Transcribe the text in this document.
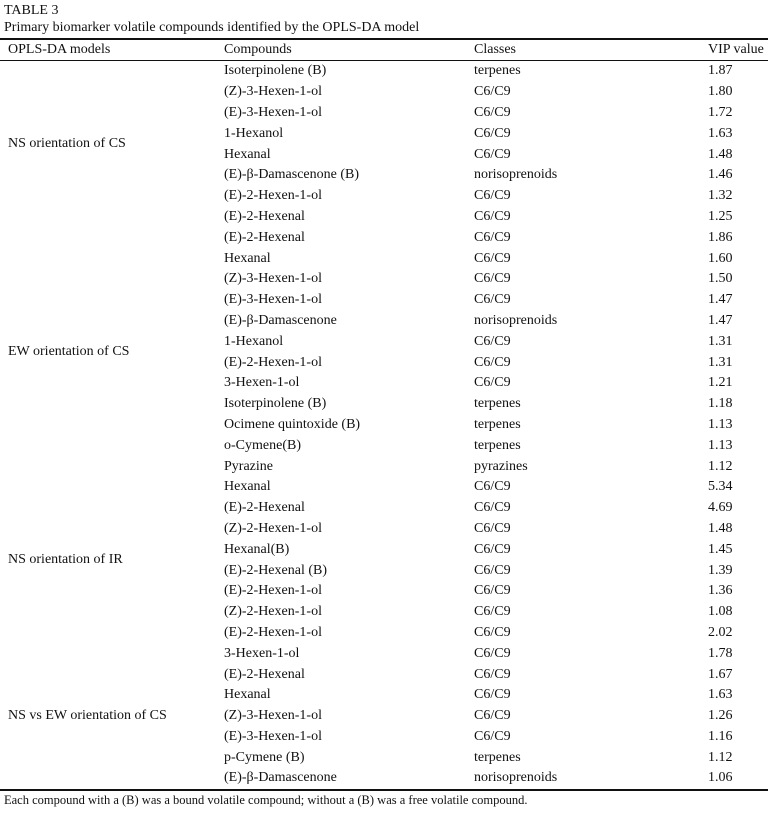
TABLE 3
Primary biomarker volatile compounds identified by the OPLS-DA model
OPLS-DA models	Compounds	Classes	VIP value
NS orientation of CS	Isoterpinolene (B)	terpenes	1.87
	(Z)-3-Hexen-1-ol	C6/C9	1.80
	(E)-3-Hexen-1-ol	C6/C9	1.72
	1-Hexanol	C6/C9	1.63
	Hexanal	C6/C9	1.48
	(E)-β-Damascenone (B)	norisoprenoids	1.46
	(E)-2-Hexen-1-ol	C6/C9	1.32
	(E)-2-Hexenal	C6/C9	1.25
EW orientation of CS	(E)-2-Hexenal	C6/C9	1.86
	Hexanal	C6/C9	1.60
	(Z)-3-Hexen-1-ol	C6/C9	1.50
	(E)-3-Hexen-1-ol	C6/C9	1.47
	(E)-β-Damascenone	norisoprenoids	1.47
	1-Hexanol	C6/C9	1.31
	(E)-2-Hexen-1-ol	C6/C9	1.31
	3-Hexen-1-ol	C6/C9	1.21
	Isoterpinolene (B)	terpenes	1.18
	Ocimene quintoxide (B)	terpenes	1.13
	o-Cymene(B)	terpenes	1.13
	Pyrazine	pyrazines	1.12
NS orientation of IR	Hexanal	C6/C9	5.34
	(E)-2-Hexenal	C6/C9	4.69
	(Z)-2-Hexen-1-ol	C6/C9	1.48
	Hexanal(B)	C6/C9	1.45
	(E)-2-Hexenal (B)	C6/C9	1.39
	(E)-2-Hexen-1-ol	C6/C9	1.36
	(Z)-2-Hexen-1-ol	C6/C9	1.08
	(E)-2-Hexen-1-ol	C6/C9	2.02
NS vs EW orientation of CS	3-Hexen-1-ol	C6/C9	1.78
	(E)-2-Hexenal	C6/C9	1.67
	Hexanal	C6/C9	1.63
	(Z)-3-Hexen-1-ol	C6/C9	1.26
	(E)-3-Hexen-1-ol	C6/C9	1.16
	p-Cymene (B)	terpenes	1.12
	(E)-β-Damascenone	norisoprenoids	1.06
Each compound with a (B) was a bound volatile compound; without a (B) was a free volatile compound.
